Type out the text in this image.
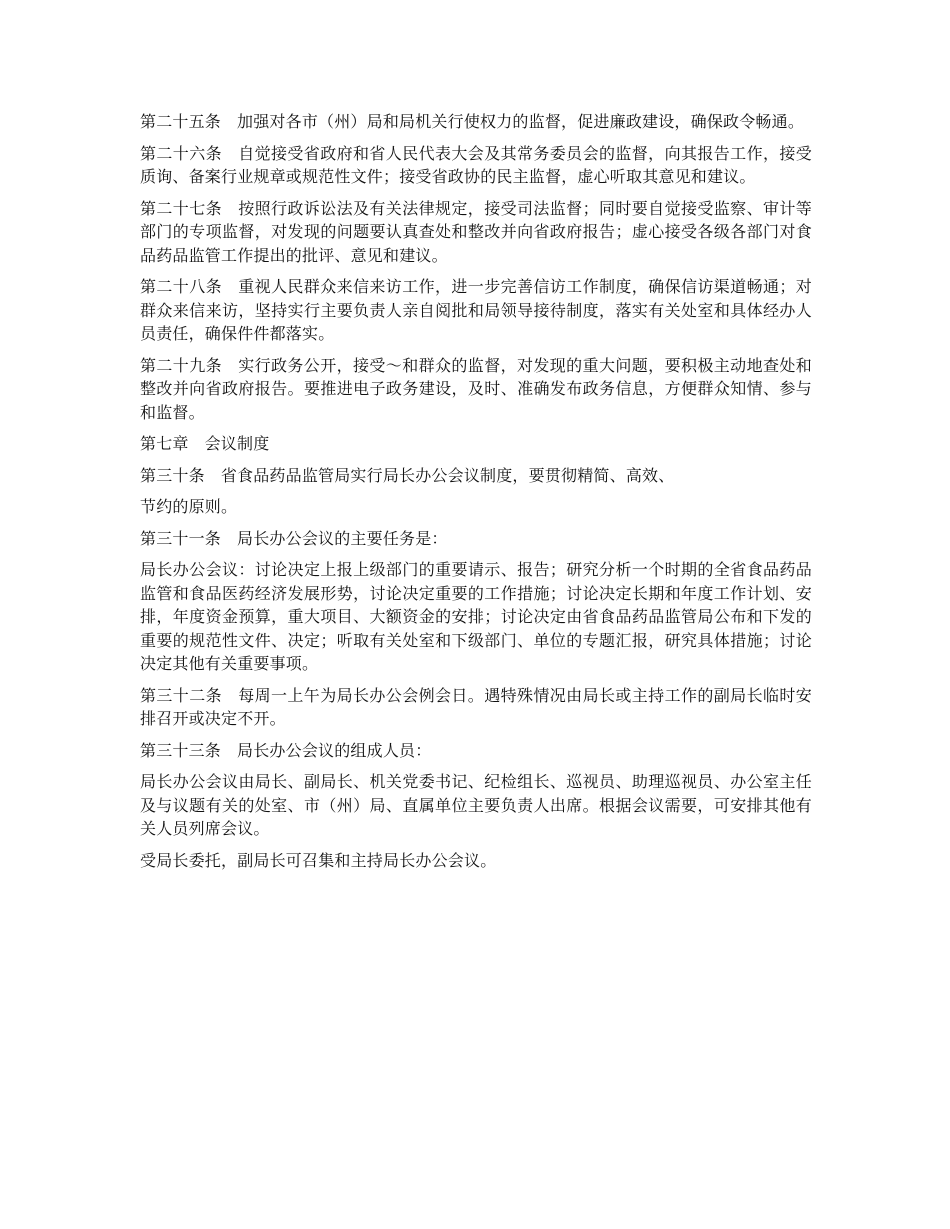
第二十五条 加强对各市（州）局和局机关行使权力的监督，促进廉政建设，确保政令畅通。

第二十六条 自觉接受省政府和省人民代表大会及其常务委员会的监督，向其报告工作，接受质询、备案行业规章或规范性文件；接受省政协的民主监督，虚心听取其意见和建议。

第二十七条 按照行政诉讼法及有关法律规定，接受司法监督；同时要自觉接受监察、审计等部门的专项监督，对发现的问题要认真查处和整改并向省政府报告；虚心接受各级各部门对食品药品监管工作提出的批评、意见和建议。

第二十八条 重视人民群众来信来访工作，进一步完善信访工作制度，确保信访渠道畅通；对群众来信来访，坚持实行主要负责人亲自阅批和局领导接待制度，落实有关处室和具体经办人员责任，确保件件都落实。

第二十九条 实行政务公开，接受～和群众的监督，对发现的重大问题，要积极主动地查处和整改并向省政府报告。要推进电子政务建设，及时、准确发布政务信息，方便群众知情、参与和监督。

第七章 会议制度

第三十条 省食品药品监管局实行局长办公会议制度，要贯彻精简、高效、

节约的原则。

第三十一条 局长办公会议的主要任务是：

局长办公会议：讨论决定上报上级部门的重要请示、报告；研究分析一个时期的全省食品药品监管和食品医药经济发展形势，讨论决定重要的工作措施；讨论决定长期和年度工作计划、安排，年度资金预算，重大项目、大额资金的安排；讨论决定由省食品药品监管局公布和下发的重要的规范性文件、决定；听取有关处室和下级部门、单位的专题汇报，研究具体措施；讨论决定其他有关重要事项。

第三十二条 每周一上午为局长办公会例会日。遇特殊情况由局长或主持工作的副局长临时安排召开或决定不开。

第三十三条 局长办公会议的组成人员：

局长办公会议由局长、副局长、机关党委书记、纪检组长、巡视员、助理巡视员、办公室主任及与议题有关的处室、市（州）局、直属单位主要负责人出席。根据会议需要，可安排其他有关人员列席会议。

受局长委托，副局长可召集和主持局长办公会议。
